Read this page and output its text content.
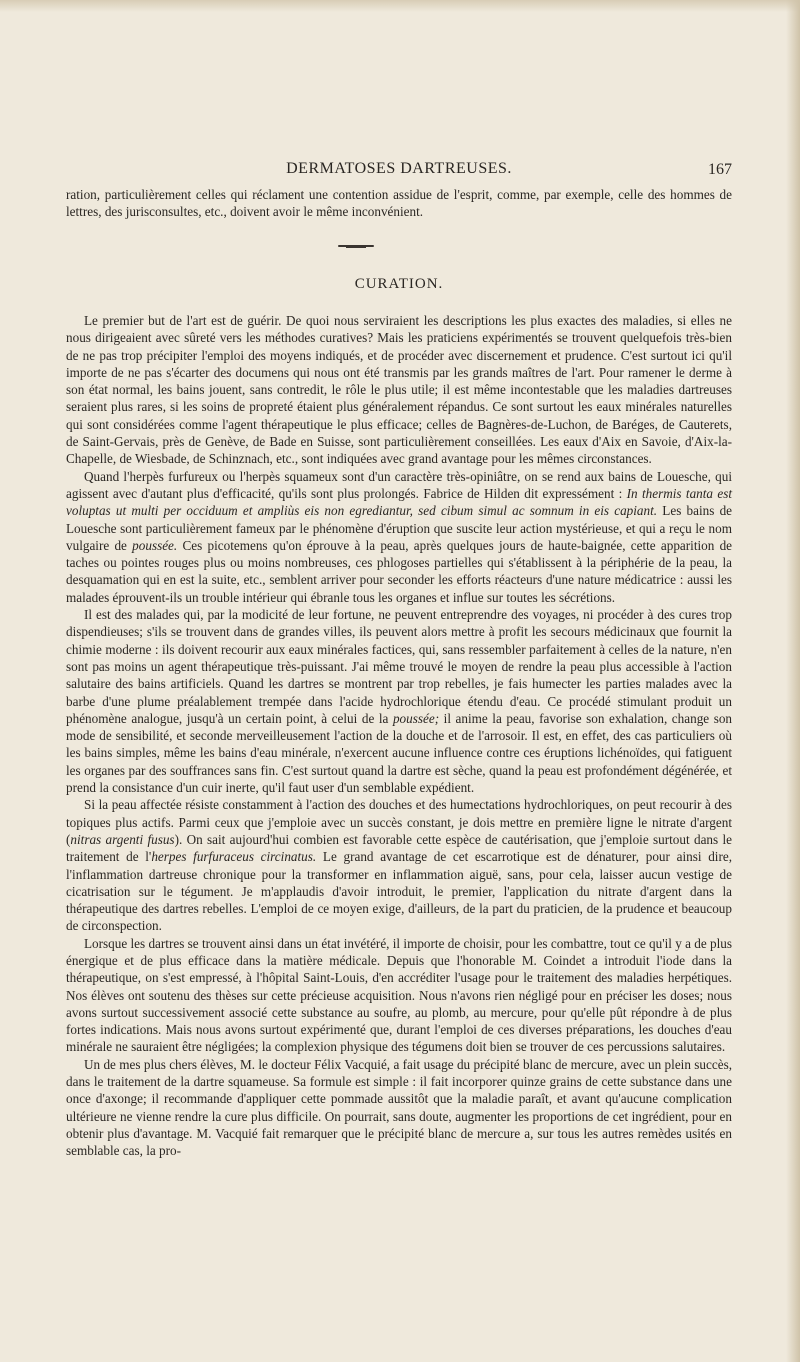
DERMATOSES DARTREUSES.	167

ration, particulièrement celles qui réclament une contention assidue de l'esprit, comme, par exemple, celle des hommes de lettres, des jurisconsultes, etc., doivent avoir le même inconvénient.

CURATION.

Le premier but de l'art est de guérir. De quoi nous serviraient les descriptions les plus exactes des maladies, si elles ne nous dirigeaient avec sûreté vers les méthodes curatives? Mais les praticiens expérimentés se trouvent quelquefois très-bien de ne pas trop précipiter l'emploi des moyens indiqués, et de procéder avec discernement et prudence. C'est surtout ici qu'il importe de ne pas s'écarter des documens qui nous ont été transmis par les grands maîtres de l'art. Pour ramener le derme à son état normal, les bains jouent, sans contredit, le rôle le plus utile; il est même incontestable que les maladies dartreuses seraient plus rares, si les soins de propreté étaient plus généralement répandus. Ce sont surtout les eaux minérales naturelles qui sont considérées comme l'agent thérapeutique le plus efficace; celles de Bagnères-de-Luchon, de Baréges, de Cauterets, de Saint-Gervais, près de Genève, de Bade en Suisse, sont particulièrement conseillées. Les eaux d'Aix en Savoie, d'Aix-la-Chapelle, de Wiesbade, de Schinznach, etc., sont indiquées avec grand avantage pour les mêmes circonstances.

Quand l'herpès furfureux ou l'herpès squameux sont d'un caractère très-opiniâtre, on se rend aux bains de Louesche, qui agissent avec d'autant plus d'efficacité, qu'ils sont plus prolongés. Fabrice de Hilden dit expressément : In thermis tanta est voluptas ut multi per occiduum et ampliùs eis non egrediantur, sed cibum simul ac somnum in eis capiant. Les bains de Louesche sont particulièrement fameux par le phénomène d'éruption que suscite leur action mystérieuse, et qui a reçu le nom vulgaire de poussée. Ces picotemens qu'on éprouve à la peau, après quelques jours de haute-baignée, cette apparition de taches ou pointes rouges plus ou moins nombreuses, ces phlogoses partielles qui s'établissent à la périphérie de la peau, la desquamation qui en est la suite, etc., semblent arriver pour seconder les efforts réacteurs d'une nature médicatrice : aussi les malades éprouvent-ils un trouble intérieur qui ébranle tous les organes et influe sur toutes les sécrétions.

Il est des malades qui, par la modicité de leur fortune, ne peuvent entreprendre des voyages, ni procéder à des cures trop dispendieuses; s'ils se trouvent dans de grandes villes, ils peuvent alors mettre à profit les secours médicinaux que fournit la chimie moderne : ils doivent recourir aux eaux minérales factices, qui, sans ressembler parfaitement à celles de la nature, n'en sont pas moins un agent thérapeutique très-puissant. J'ai même trouvé le moyen de rendre la peau plus accessible à l'action salutaire des bains artificiels. Quand les dartres se montrent par trop rebelles, je fais humecter les parties malades avec la barbe d'une plume préalablement trempée dans l'acide hydrochlorique étendu d'eau. Ce procédé stimulant produit un phénomène analogue, jusqu'à un certain point, à celui de la poussée; il anime la peau, favorise son exhalation, change son mode de sensibilité, et seconde merveilleusement l'action de la douche et de l'arrosoir. Il est, en effet, des cas particuliers où les bains simples, même les bains d'eau minérale, n'exercent aucune influence contre ces éruptions lichénoïdes, qui fatiguent les organes par des souffrances sans fin. C'est surtout quand la dartre est sèche, quand la peau est profondément dégénérée, et prend la consistance d'un cuir inerte, qu'il faut user d'un semblable expédient.

Si la peau affectée résiste constamment à l'action des douches et des humectations hydrochloriques, on peut recourir à des topiques plus actifs. Parmi ceux que j'emploie avec un succès constant, je dois mettre en première ligne le nitrate d'argent (nitras argenti fusus). On sait aujourd'hui combien est favorable cette espèce de cautérisation, que j'emploie surtout dans le traitement de l'herpes furfuraceus circinatus. Le grand avantage de cet escarrotique est de dénaturer, pour ainsi dire, l'inflammation dartreuse chronique pour la transformer en inflammation aiguë, sans, pour cela, laisser aucun vestige de cicatrisation sur le tégument. Je m'applaudis d'avoir introduit, le premier, l'application du nitrate d'argent dans la thérapeutique des dartres rebelles. L'emploi de ce moyen exige, d'ailleurs, de la part du praticien, de la prudence et beaucoup de circonspection.

Lorsque les dartres se trouvent ainsi dans un état invétéré, il importe de choisir, pour les combattre, tout ce qu'il y a de plus énergique et de plus efficace dans la matière médicale. Depuis que l'honorable M. Coindet a introduit l'iode dans la thérapeutique, on s'est empressé, à l'hôpital Saint-Louis, d'en accréditer l'usage pour le traitement des maladies herpétiques. Nos élèves ont soutenu des thèses sur cette précieuse acquisition. Nous n'avons rien négligé pour en préciser les doses; nous avons surtout successivement associé cette substance au soufre, au plomb, au mercure, pour qu'elle pût répondre à de plus fortes indications. Mais nous avons surtout expérimenté que, durant l'emploi de ces diverses préparations, les douches d'eau minérale ne sauraient être négligées; la complexion physique des tégumens doit bien se trouver de ces percussions salutaires.

Un de mes plus chers élèves, M. le docteur Félix Vacquié, a fait usage du précipité blanc de mercure, avec un plein succès, dans le traitement de la dartre squameuse. Sa formule est simple : il fait incorporer quinze grains de cette substance dans une once d'axonge; il recommande d'appliquer cette pommade aussitôt que la maladie paraît, et avant qu'aucune complication ultérieure ne vienne rendre la cure plus difficile. On pourrait, sans doute, augmenter les proportions de cet ingrédient, pour en obtenir plus d'avantage. M. Vacquié fait remarquer que le précipité blanc de mercure a, sur tous les autres remèdes usités en semblable cas, la pro-
